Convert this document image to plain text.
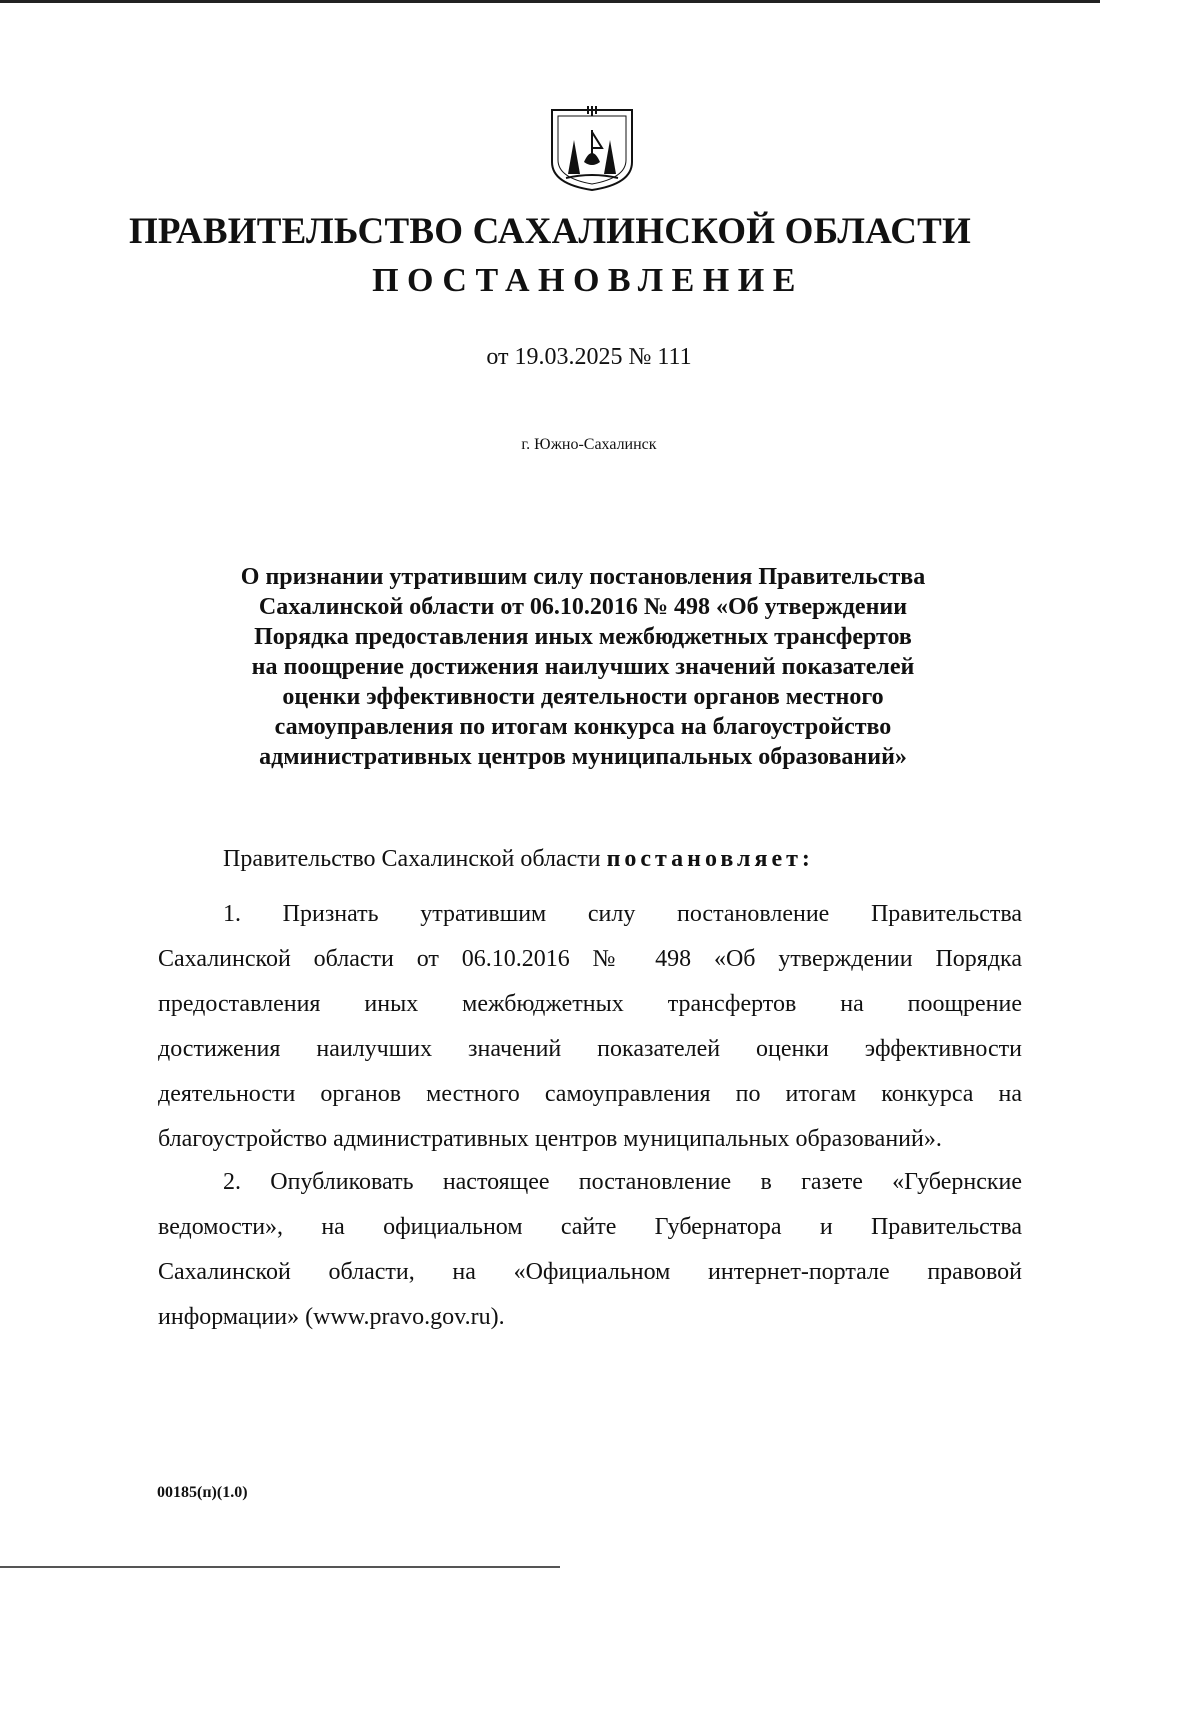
ПРАВИТЕЛЬСТВО САХАЛИНСКОЙ ОБЛАСТИ
ПОСТАНОВЛЕНИЕ
от 19.03.2025 № 111
г. Южно-Сахалинск

О признании утратившим силу постановления Правительства
Сахалинской области от 06.10.2016 № 498 «Об утверждении
Порядка предоставления иных межбюджетных трансфертов
на поощрение достижения наилучших значений показателей
оценки эффективности деятельности органов местного
самоуправления по итогам конкурса на благоустройство
административных центров муниципальных образований»

Правительство Сахалинской области постановляет:
1. Признать утратившим силу постановление Правительства
Сахалинской области от 06.10.2016 № 498 «Об утверждении Порядка
предоставления иных межбюджетных трансфертов на поощрение
достижения наилучших значений показателей оценки эффективности
деятельности органов местного самоуправления по итогам конкурса на
благоустройство административных центров муниципальных образований».
2. Опубликовать настоящее постановление в газете «Губернские
ведомости», на официальном сайте Губернатора и Правительства
Сахалинской области, на «Официальном интернет-портале правовой
информации» (www.pravo.gov.ru).
00185(п)(1.0)
